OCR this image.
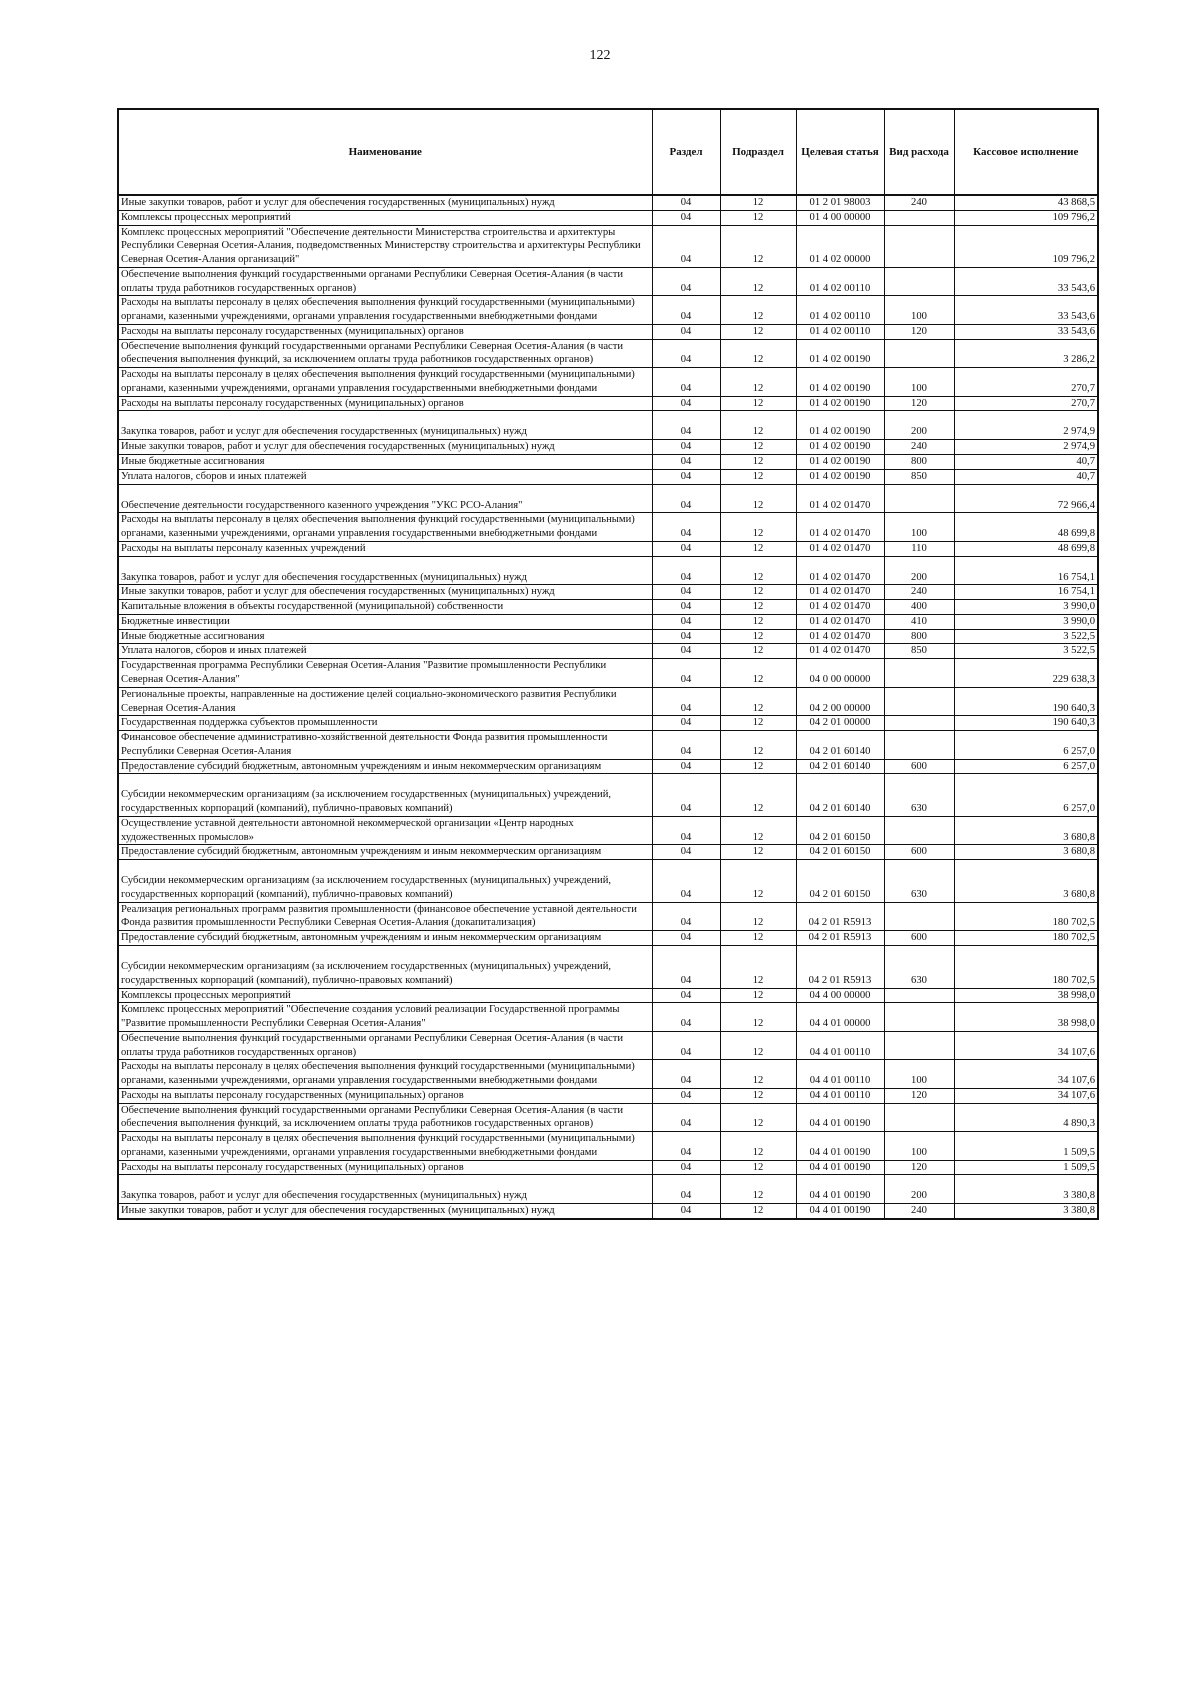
122
Наименование	Раздел	Подраздел	Целевая статья	Вид расхода	Кассовое исполнение
Иные закупки товаров, работ и услуг для обеспечения государственных (муниципальных) нужд	04	12	01 2 01 98003	240	43 868,5
Комплексы процессных мероприятий	04	12	01 4 00 00000		109 796,2
Комплекс процессных мероприятий "Обеспечение деятельности Министерства строительства и архитектуры Республики Северная Осетия-Алания, подведомственных Министерству строительства и архитектуры Республики Северная Осетия-Алания организаций"	04	12	01 4 02 00000		109 796,2
Обеспечение выполнения функций государственными органами Республики Северная Осетия-Алания (в части оплаты труда работников государственных органов)	04	12	01 4 02 00110		33 543,6
Расходы на выплаты персоналу в целях обеспечения выполнения функций государственными (муниципальными) органами, казенными учреждениями, органами управления государственными внебюджетными фондами	04	12	01 4 02 00110	100	33 543,6
Расходы на выплаты персоналу государственных (муниципальных) органов	04	12	01 4 02 00110	120	33 543,6
Обеспечение выполнения функций государственными органами Республики Северная Осетия-Алания (в части обеспечения выполнения функций, за исключением оплаты труда работников государственных органов)	04	12	01 4 02 00190		3 286,2
Расходы на выплаты персоналу в целях обеспечения выполнения функций государственными (муниципальными) органами, казенными учреждениями, органами управления государственными внебюджетными фондами	04	12	01 4 02 00190	100	270,7
Расходы на выплаты персоналу государственных (муниципальных) органов	04	12	01 4 02 00190	120	270,7
Закупка товаров, работ и услуг для обеспечения государственных (муниципальных) нужд	04	12	01 4 02 00190	200	2 974,9
Иные закупки товаров, работ и услуг для обеспечения государственных (муниципальных) нужд	04	12	01 4 02 00190	240	2 974,9
Иные бюджетные ассигнования	04	12	01 4 02 00190	800	40,7
Уплата налогов, сборов и иных платежей	04	12	01 4 02 00190	850	40,7
Обеспечение деятельности государственного казенного учреждения "УКС РСО-Алания"	04	12	01 4 02 01470		72 966,4
Расходы на выплаты персоналу в целях обеспечения выполнения функций государственными (муниципальными) органами, казенными учреждениями, органами управления государственными внебюджетными фондами	04	12	01 4 02 01470	100	48 699,8
Расходы на выплаты персоналу казенных учреждений	04	12	01 4 02 01470	110	48 699,8
Закупка товаров, работ и услуг для обеспечения государственных (муниципальных) нужд	04	12	01 4 02 01470	200	16 754,1
Иные закупки товаров, работ и услуг для обеспечения государственных (муниципальных) нужд	04	12	01 4 02 01470	240	16 754,1
Капитальные вложения в объекты государственной (муниципальной) собственности	04	12	01 4 02 01470	400	3 990,0
Бюджетные инвестиции	04	12	01 4 02 01470	410	3 990,0
Иные бюджетные ассигнования	04	12	01 4 02 01470	800	3 522,5
Уплата налогов, сборов и иных платежей	04	12	01 4 02 01470	850	3 522,5
Государственная программа Республики Северная Осетия-Алания "Развитие промышленности Республики Северная Осетия-Алания"	04	12	04 0 00 00000		229 638,3
Региональные проекты, направленные на достижение целей социально-экономического развития Республики Северная Осетия-Алания	04	12	04 2 00 00000		190 640,3
Государственная поддержка субъектов промышленности	04	12	04 2 01 00000		190 640,3
Финансовое обеспечение административно-хозяйственной деятельности Фонда развития промышленности Республики Северная Осетия-Алания	04	12	04 2 01 60140		6 257,0
Предоставление субсидий бюджетным, автономным учреждениям и иным некоммерческим организациям	04	12	04 2 01 60140	600	6 257,0
Субсидии некоммерческим организациям (за исключением государственных (муниципальных) учреждений, государственных корпораций (компаний), публично-правовых компаний)	04	12	04 2 01 60140	630	6 257,0
Осуществление уставной деятельности автономной некоммерческой организации «Центр народных художественных промыслов»	04	12	04 2 01 60150		3 680,8
Предоставление субсидий бюджетным, автономным учреждениям и иным некоммерческим организациям	04	12	04 2 01 60150	600	3 680,8
Субсидии некоммерческим организациям (за исключением государственных (муниципальных) учреждений, государственных корпораций (компаний), публично-правовых компаний)	04	12	04 2 01 60150	630	3 680,8
Реализация региональных программ развития промышленности (финансовое обеспечение уставной деятельности Фонда развития промышленности Республики Северная Осетия-Алания (докапитализация)	04	12	04 2 01 R5913		180 702,5
Предоставление субсидий бюджетным, автономным учреждениям и иным некоммерческим организациям	04	12	04 2 01 R5913	600	180 702,5
Субсидии некоммерческим организациям (за исключением государственных (муниципальных) учреждений, государственных корпораций (компаний), публично-правовых компаний)	04	12	04 2 01 R5913	630	180 702,5
Комплексы процессных мероприятий	04	12	04 4 00 00000		38 998,0
Комплекс процессных мероприятий "Обеспечение создания условий реализации Государственной программы "Развитие промышленности Республики Северная Осетия-Алания"	04	12	04 4 01 00000		38 998,0
Обеспечение выполнения функций государственными органами Республики Северная Осетия-Алания (в части оплаты труда работников государственных органов)	04	12	04 4 01 00110		34 107,6
Расходы на выплаты персоналу в целях обеспечения выполнения функций государственными (муниципальными) органами, казенными учреждениями, органами управления государственными внебюджетными фондами	04	12	04 4 01 00110	100	34 107,6
Расходы на выплаты персоналу государственных (муниципальных) органов	04	12	04 4 01 00110	120	34 107,6
Обеспечение выполнения функций государственными органами Республики Северная Осетия-Алания (в части обеспечения выполнения функций, за исключением оплаты труда работников государственных органов)	04	12	04 4 01 00190		4 890,3
Расходы на выплаты персоналу в целях обеспечения выполнения функций государственными (муниципальными) органами, казенными учреждениями, органами управления государственными внебюджетными фондами	04	12	04 4 01 00190	100	1 509,5
Расходы на выплаты персоналу государственных (муниципальных) органов	04	12	04 4 01 00190	120	1 509,5
Закупка товаров, работ и услуг для обеспечения государственных (муниципальных) нужд	04	12	04 4 01 00190	200	3 380,8
Иные закупки товаров, работ и услуг для обеспечения государственных (муниципальных) нужд	04	12	04 4 01 00190	240	3 380,8
